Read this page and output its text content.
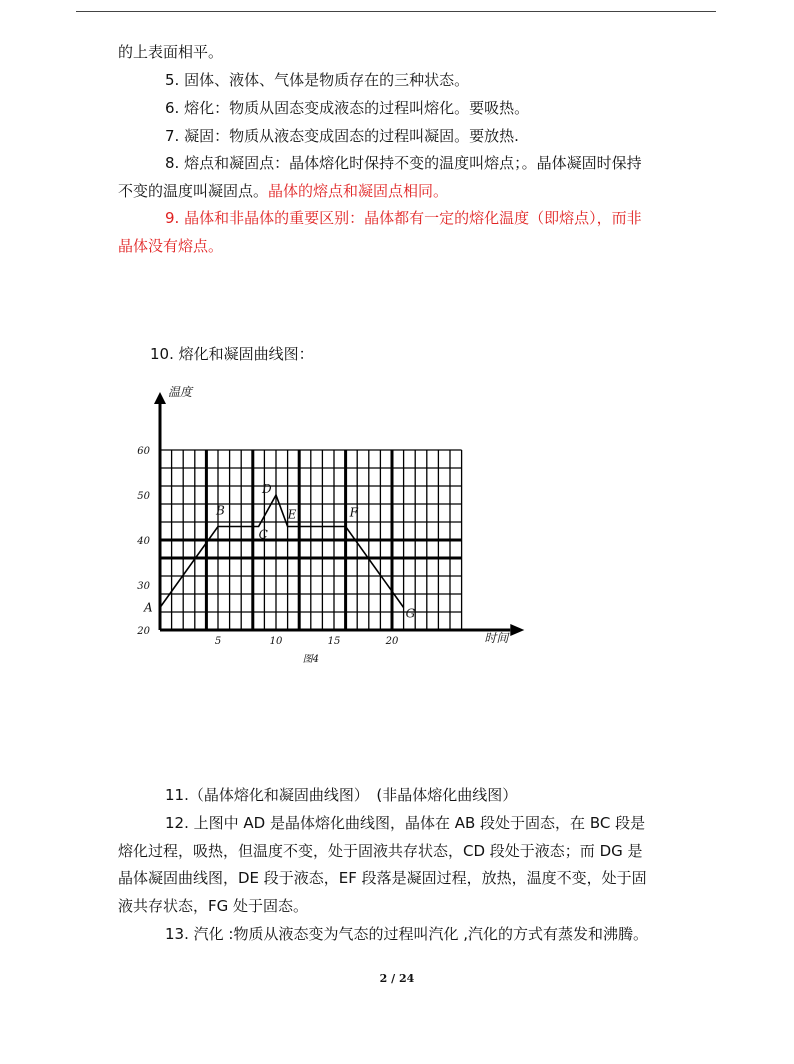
的上表面相平。
5. 固体、液体、气体是物质存在的三种状态。
6. 熔化：物质从固态变成液态的过程叫熔化。要吸热。
7. 凝固：物质从液态变成固态的过程叫凝固。要放热.
8. 熔点和凝固点：晶体熔化时保持不变的温度叫熔点；。晶体凝固时保持
不变的温度叫凝固点。晶体的熔点和凝固点相同。
9. 晶体和非晶体的重要区别：晶体都有一定的熔化温度（即熔点），而非
晶体没有熔点。
10. 熔化和凝固曲线图：
20
30
40
50
60
5	10	15	20
温度
时间
图4
A
B
C
D
E	F
G
11.（晶体熔化和凝固曲线图）　(非晶体熔化曲线图）
12. 上图中 AD 是晶体熔化曲线图，晶体在 AB 段处于固态，在 BC 段是
熔化过程，吸热，但温度不变，处于固液共存状态，CD 段处于液态；而 DG 是
晶体凝固曲线图，DE 段于液态，EF 段落是凝固过程，放热，温度不变，处于固
液共存状态，FG 处于固态。
13. 汽化 :物质从液态变为气态的过程叫汽化 ,汽化的方式有蒸发和沸腾。
2 / 24
